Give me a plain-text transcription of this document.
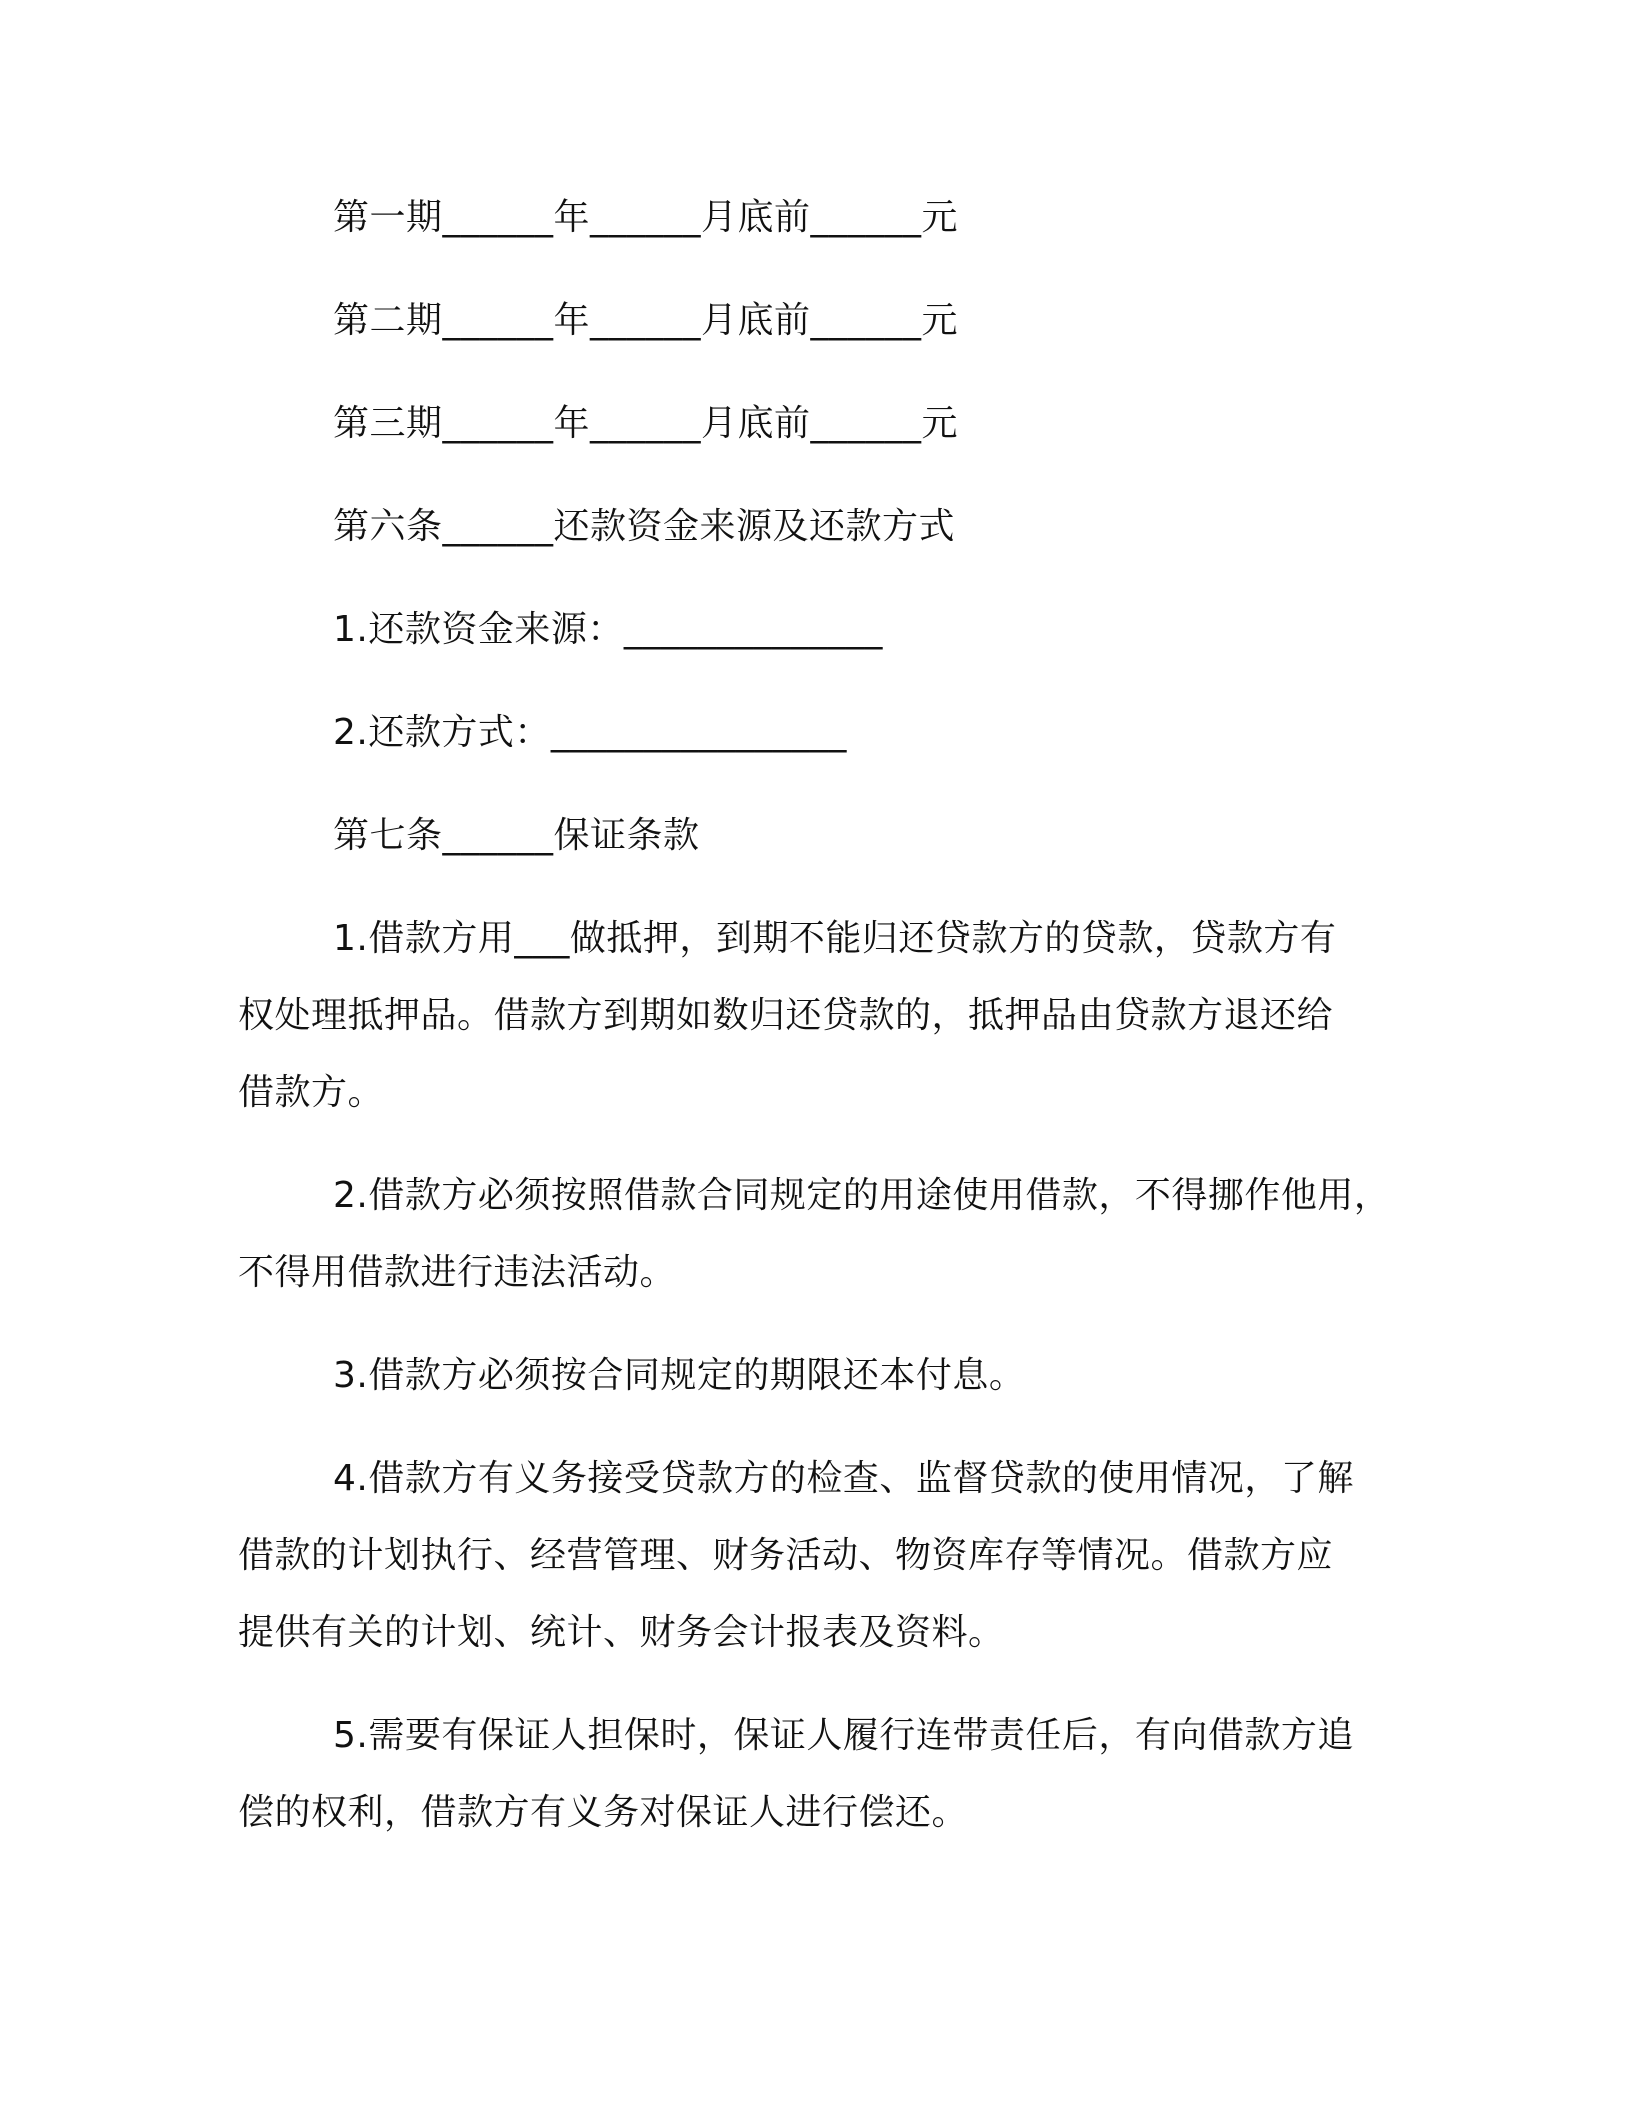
第一期______年______月底前______元
第二期______年______月底前______元
第三期______年______月底前______元
第六条______还款资金来源及还款方式
1.还款资金来源：______________
2.还款方式：________________
第七条______保证条款
1.借款方用___做抵押，到期不能归还贷款方的贷款，贷款方有
权处理抵押品。借款方到期如数归还贷款的，抵押品由贷款方退还给
借款方。
2.借款方必须按照借款合同规定的用途使用借款，不得挪作他用，
不得用借款进行违法活动。
3.借款方必须按合同规定的期限还本付息。
4.借款方有义务接受贷款方的检查、监督贷款的使用情况，了解
借款的计划执行、经营管理、财务活动、物资库存等情况。借款方应
提供有关的计划、统计、财务会计报表及资料。
5.需要有保证人担保时，保证人履行连带责任后，有向借款方追
偿的权利，借款方有义务对保证人进行偿还。
